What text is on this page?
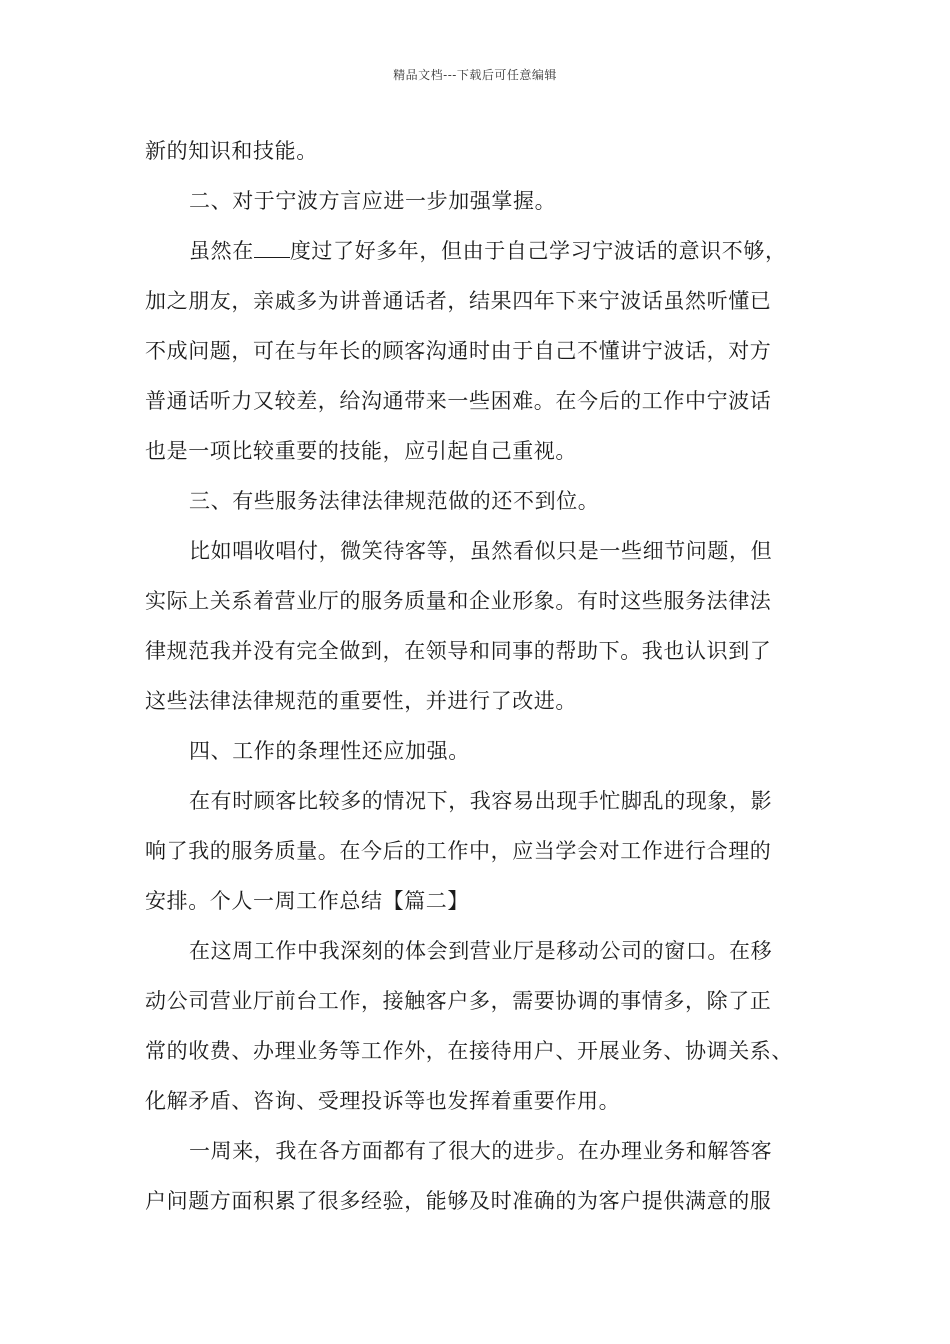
精品文档---下载后可任意编辑
新的知识和技能。
二、对于宁波方言应进一步加强掌握。
虽然在 度过了好多年，但由于自己学习宁波话的意识不够，
加之朋友，亲戚多为讲普通话者，结果四年下来宁波话虽然听懂已
不成问题，可在与年长的顾客沟通时由于自己不懂讲宁波话，对方
普通话听力又较差，给沟通带来一些困难。在今后的工作中宁波话
也是一项比较重要的技能，应引起自己重视。
三、有些服务法律法律规范做的还不到位。
比如唱收唱付，微笑待客等，虽然看似只是一些细节问题，但
实际上关系着营业厅的服务质量和企业形象。有时这些服务法律法
律规范我并没有完全做到，在领导和同事的帮助下。我也认识到了
这些法律法律规范的重要性，并进行了改进。
四、工作的条理性还应加强。
在有时顾客比较多的情况下，我容易出现手忙脚乱的现象，影
响了我的服务质量。在今后的工作中，应当学会对工作进行合理的
安排。个人一周工作总结【篇二】
在这周工作中我深刻的体会到营业厅是移动公司的窗口。在移
动公司营业厅前台工作，接触客户多，需要协调的事情多，除了正
常的收费、办理业务等工作外，在接待用户、开展业务、协调关系、
化解矛盾、咨询、受理投诉等也发挥着重要作用。
一周来，我在各方面都有了很大的进步。在办理业务和解答客
户问题方面积累了很多经验，能够及时准确的为客户提供满意的服
